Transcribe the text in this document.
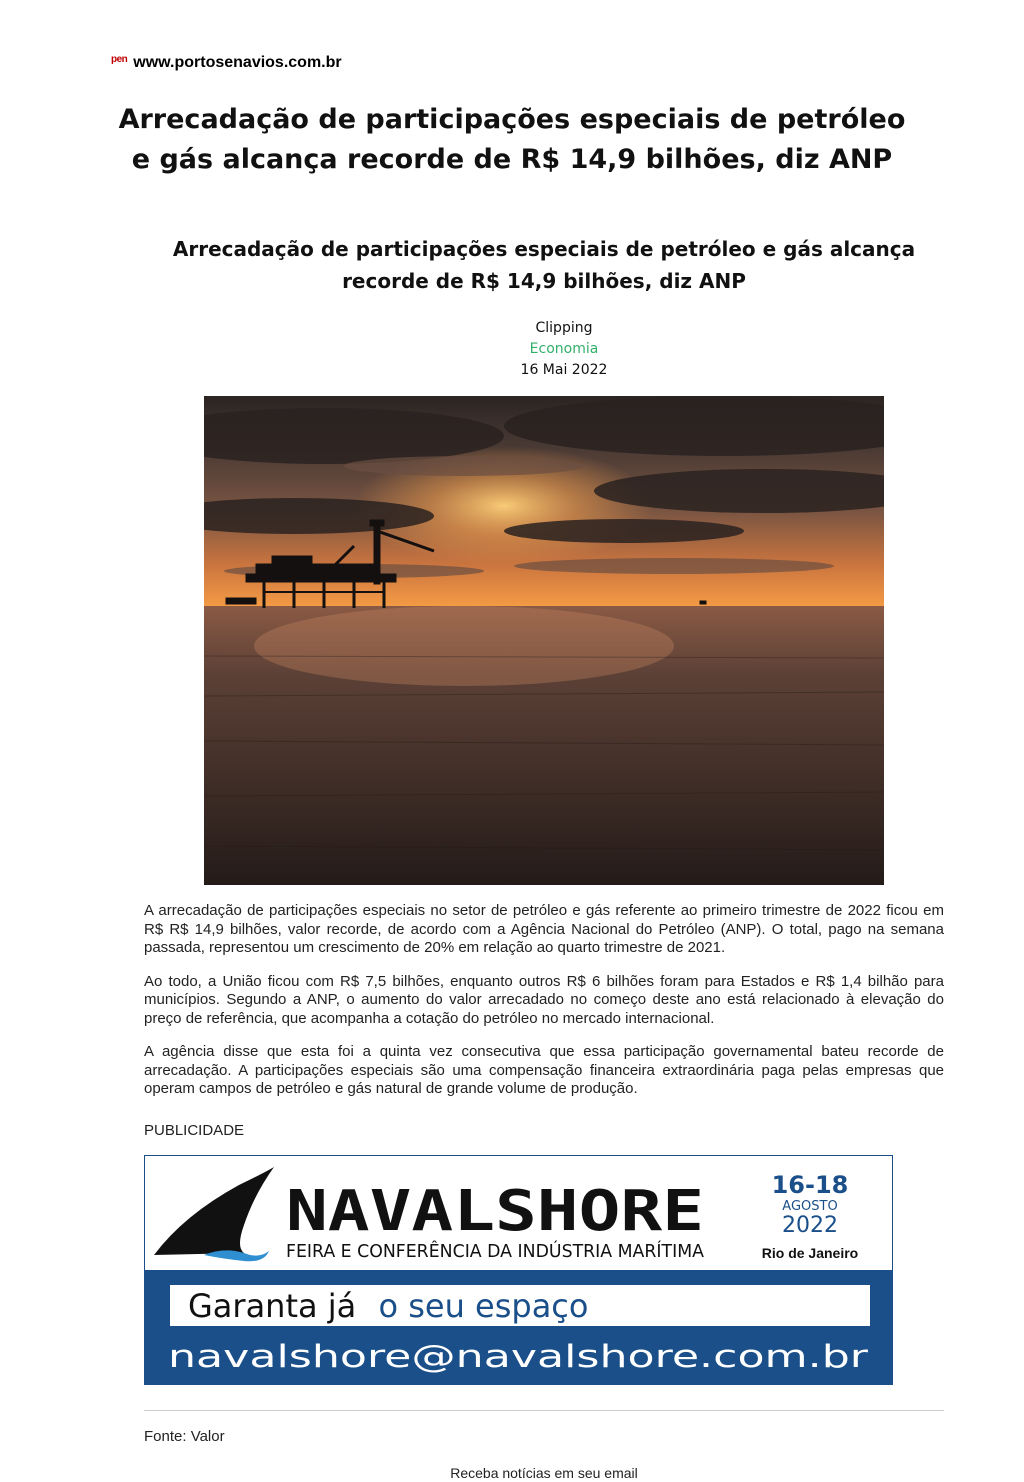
pen www.portosenavios.com.br
Arrecadação de participações especiais de petróleo
e gás alcança recorde de R$ 14,9 bilhões, diz ANP
Arrecadação de participações especiais de petróleo e gás alcança
recorde de R$ 14,9 bilhões, diz ANP
Clipping
Economia
16 Mai 2022

A arrecadação de participações especiais no setor de petróleo e gás referente ao primeiro trimestre de 2022 ficou em R$ R$ 14,9 bilhões, valor recorde, de acordo com a Agência Nacional do Petróleo (ANP). O total, pago na semana passada, representou um crescimento de 20% em relação ao quarto trimestre de 2021.

Ao todo, a União ficou com R$ 7,5 bilhões, enquanto outros R$ 6 bilhões foram para Estados e R$ 1,4 bilhão para municípios. Segundo a ANP, o aumento do valor arrecadado no começo deste ano está relacionado à elevação do preço de referência, que acompanha a cotação do petróleo no mercado internacional.

A agência disse que esta foi a quinta vez consecutiva que essa participação governamental bateu recorde de arrecadação. A participações especiais são uma compensação financeira extraordinária paga pelas empresas que operam campos de petróleo e gás natural de grande volume de produção.

PUBLICIDADE
NAVALSHORE
FEIRA E CONFERÊNCIA DA INDÚSTRIA MARÍTIMA
16-18
AGOSTO
2022
Rio de Janeiro
Garanta já o seu espaço
navalshore@navalshore.com.br
Fonte: Valor
Receba notícias em seu email
